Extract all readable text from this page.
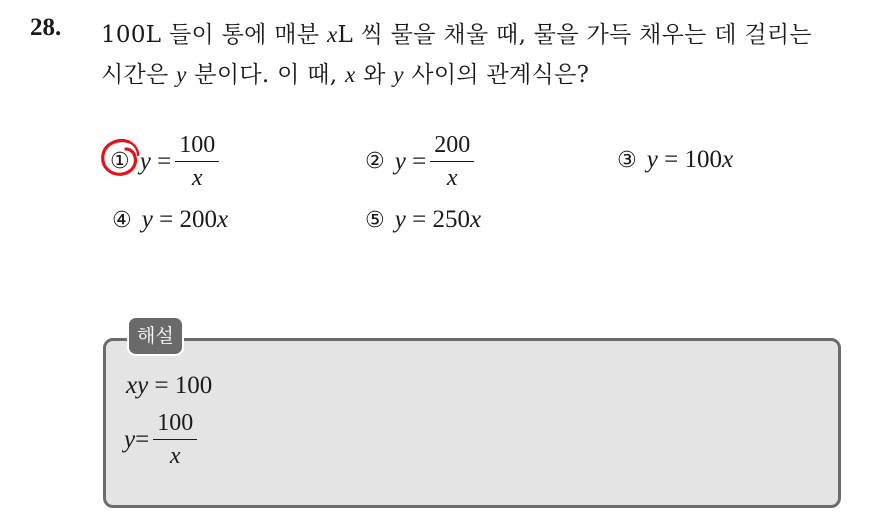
28. 100L 들이 통에 매분 xL 씩 물을 채울 때, 물을 가득 채우는 데 걸리는
시간은 y 분이다. 이 때, x 와 y 사이의 관계식은?
① $y = \frac{100}{x}$	② $y = \frac{200}{x}$	③ y = 100x
④ y = 200x	⑤ y = 250x
해설
xy = 100
$y = \frac{100}{x}$
